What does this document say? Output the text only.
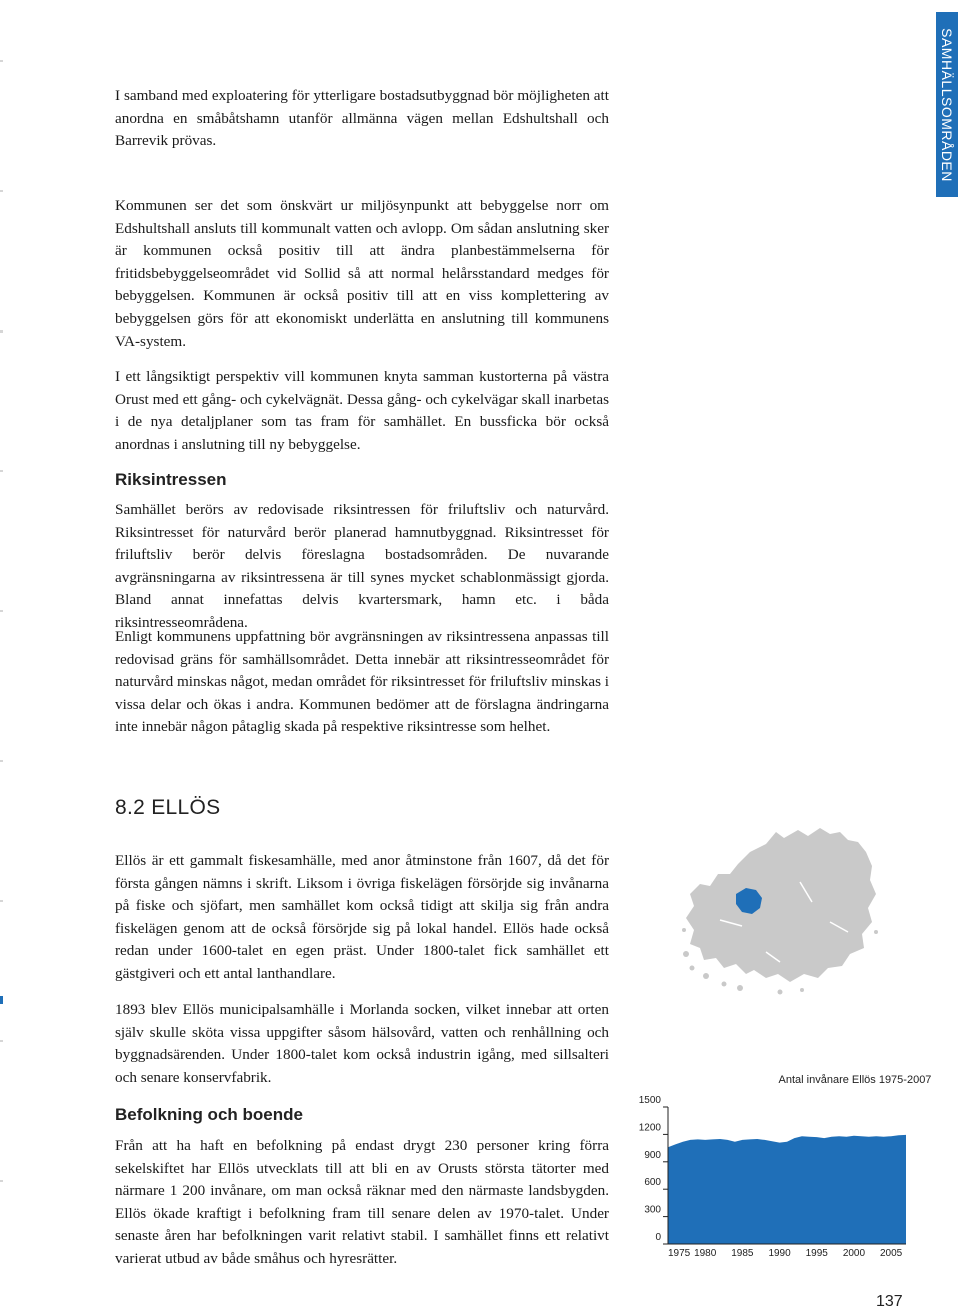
SAMHÄLLSOMRÅDEN

I samband med exploatering för ytterligare bostadsutbyggnad bör möjligheten att anordna en småbåtshamn utanför allmänna vägen mellan Edshultshall och Barrevik prövas.

Kommunen ser det som önskvärt ur miljösynpunkt att bebyggelse norr om Edshultshall ansluts till kommunalt vatten och avlopp. Om sådan anslutning sker är kommunen också positiv till att ändra planbestämmelserna för fritidsbebyggelseområdet vid Sollid så att normal helårsstandard medges för bebyggelsen. Kommunen är också positiv till att en viss komplettering av bebyggelsen görs för att ekonomiskt underlätta en anslutning till kommunens VA-system.

I ett långsiktigt perspektiv vill kommunen knyta samman kustorterna på västra Orust med ett gång- och cykelvägnät. Dessa gång- och cykelvägar skall inarbetas i de nya detaljplaner som tas fram för samhället. En bussficka bör också anordnas i anslutning till ny bebyggelse.

Riksintressen

Samhället berörs av redovisade riksintressen för friluftsliv och naturvård. Riksintresset för naturvård berör planerad hamnutbyggnad. Riksintresset för friluftsliv berör delvis föreslagna bostadsområden. De nuvarande avgränsningarna av riksintressena är till synes mycket schablonmässigt gjorda. Bland annat innefattas delvis kvartersmark, hamn etc. i båda riksintresseområdena.

Enligt kommunens uppfattning bör avgränsningen av riksintressena anpassas till redovisad gräns för samhällsområdet. Detta innebär att riksintresseområdet för naturvård minskas något, medan området för riksintresset för friluftsliv minskas i vissa delar och ökas i andra. Kommunen bedömer att de förslagna ändringarna inte innebär någon påtaglig skada på respektive riksintresse som helhet.

8.2 ELLÖS

Ellös är ett gammalt fiskesamhälle, med anor åtminstone från 1607, då det för första gången nämns i skrift. Liksom i övriga fiskelägen försörjde sig invånarna på fiske och sjöfart, men samhället kom också tidigt att skilja sig från andra fiskelägen genom att de också försörjde sig på lokal handel. Ellös hade också redan under 1600-talet en egen präst. Under 1800-talet fick samhället ett gästgiveri och ett antal lanthandlare.

1893 blev Ellös municipalsamhälle i Morlanda socken, vilket innebar att orten själv skulle sköta vissa uppgifter såsom hälsovård, vatten och renhållning och byggnadsärenden. Under 1800-talet kom också industrin igång, med sillsalteri och senare konservfabrik.

Befolkning och boende

Från att ha haft en befolkning på endast drygt 230 personer kring förra sekelskiftet har Ellös utvecklats till att bli en av Orusts största tätorter med närmare 1 200 invånare, om man också räknar med den närmaste landsbygden. Ellös ökade kraftigt i befolkning fram till senare delen av 1970-talet. Under senaste åren har befolkningen varit relativt stabil. I samhället finns ett relativt varierat utbud av både småhus och hyresrätter.

Antal invånare Ellös 1975-2007
0
300
600
900
1200
1500
1975 1980 1985 1990 1995 2000 2005
137
